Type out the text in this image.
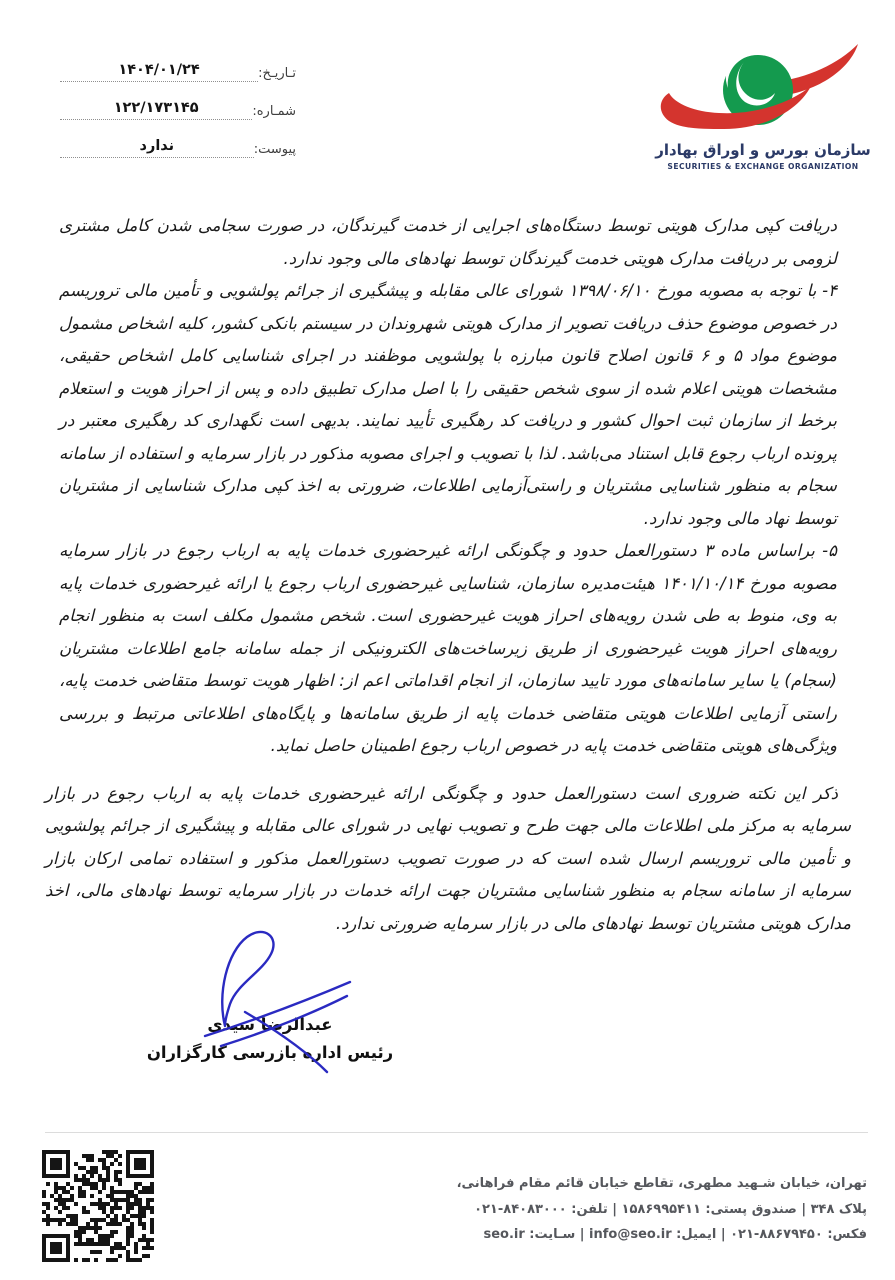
تـاریـخ:
۱۴۰۴/۰۱/۲۴
شمـاره:
۱۲۲/۱۷۳۱۴۵
پیوست:
ندارد	سازمان بورس و اوراق بهادار
SECURITIES & EXCHANGE ORGANIZATION

دریافت کپی مدارک هویتی توسط دستگاه‌های اجرایی از خدمت گیرندگان، در صورت سجامی شدن کامل مشتری لزومی بر دریافت مدارک هویتی خدمت گیرندگان توسط نهادهای مالی وجود ندارد.

۴- با توجه به مصوبه مورخ ۱۳۹۸/۰۶/۱۰ شورای عالی مقابله و پیشگیری از جرائم پولشویی و تأمین مالی تروریسم در خصوص موضوع حذف دریافت تصویر از مدارک هویتی شهروندان در سیستم بانکی کشور، کلیه اشخاص مشمول موضوع مواد ۵ و ۶ قانون اصلاح قانون مبارزه با پولشویی موظفند در اجرای شناسایی کامل اشخاص حقیقی، مشخصات هویتی اعلام شده از سوی شخص حقیقی را با اصل مدارک تطبیق داده و پس از احراز هویت و استعلام برخط از سازمان ثبت احوال کشور و دریافت کد رهگیری تأیید نمایند. بدیهی است نگهداری کد رهگیری معتبر در پرونده ارباب رجوع قابل استناد می‌باشد. لذا با تصویب و اجرای مصوبه مذکور در بازار سرمایه و استفاده از سامانه سجام به منظور شناسایی مشتریان و راستی‌آزمایی اطلاعات، ضرورتی به اخذ کپی مدارک شناسایی از مشتریان توسط نهاد مالی وجود ندارد.

۵- براساس ماده ۳ دستورالعمل حدود و چگونگی ارائه غیرحضوری خدمات پایه به ارباب رجوع در بازار سرمایه مصوبه مورخ ۱۴۰۱/۱۰/۱۴ هیئت‌مدیره سازمان، شناسایی غیرحضوری ارباب رجوع یا ارائه غیرحضوری خدمات پایه به وی، منوط به طی شدن رویه‌های احراز هویت غیرحضوری است. شخص مشمول مکلف است به منظور انجام رویه‌های احراز هویت غیرحضوری از طریق زیرساخت‌های الکترونیکی از جمله سامانه جامع اطلاعات مشتریان (سجام) یا سایر سامانه‌های مورد تایید سازمان، از انجام اقداماتی اعم از: اظهار هویت توسط متقاضی خدمت پایه، راستی آزمایی اطلاعات هویتی متقاضی خدمات پایه از طریق سامانه‌ها و پایگاه‌های اطلاعاتی مرتبط و بررسی ویژگی‌های هویتی متقاضی خدمت پایه در خصوص ارباب رجوع اطمینان حاصل نماید.

ذکر این نکته ضروری است دستورالعمل حدود و چگونگی ارائه غیرحضوری خدمات پایه به ارباب رجوع در بازار سرمایه به مرکز ملی اطلاعات مالی جهت طرح و تصویب نهایی در شورای عالی مقابله و پیشگیری از جرائم پولشویی و تأمین مالی تروریسم ارسال شده است که در صورت تصویب دستورالعمل مذکور و استفاده تمامی ارکان بازار سرمایه از سامانه سجام به منظور شناسایی مشتریان جهت ارائه خدمات در بازار سرمایه توسط نهادهای مالی، اخذ مدارک هویتی مشتریان توسط نهادهای مالی در بازار سرمایه ضرورتی ندارد.

عبدالرضا سیدی
رئیس اداره بازرسی کارگزاران
تهران، خیابان شـهید مطهری، تقاطع خیابان قائم مقام فراهانی،
پلاک ۳۴۸ | صندوق پستی: ۱۵۸۶۹۹۵۴۱۱ | تلفن: ۰۲۱-۸۴۰۸۳۰۰۰
فکس: ۰۲۱-۸۸۶۷۹۴۵۰ | ایمیل: info@seo.ir | سـایت: seo.ir
